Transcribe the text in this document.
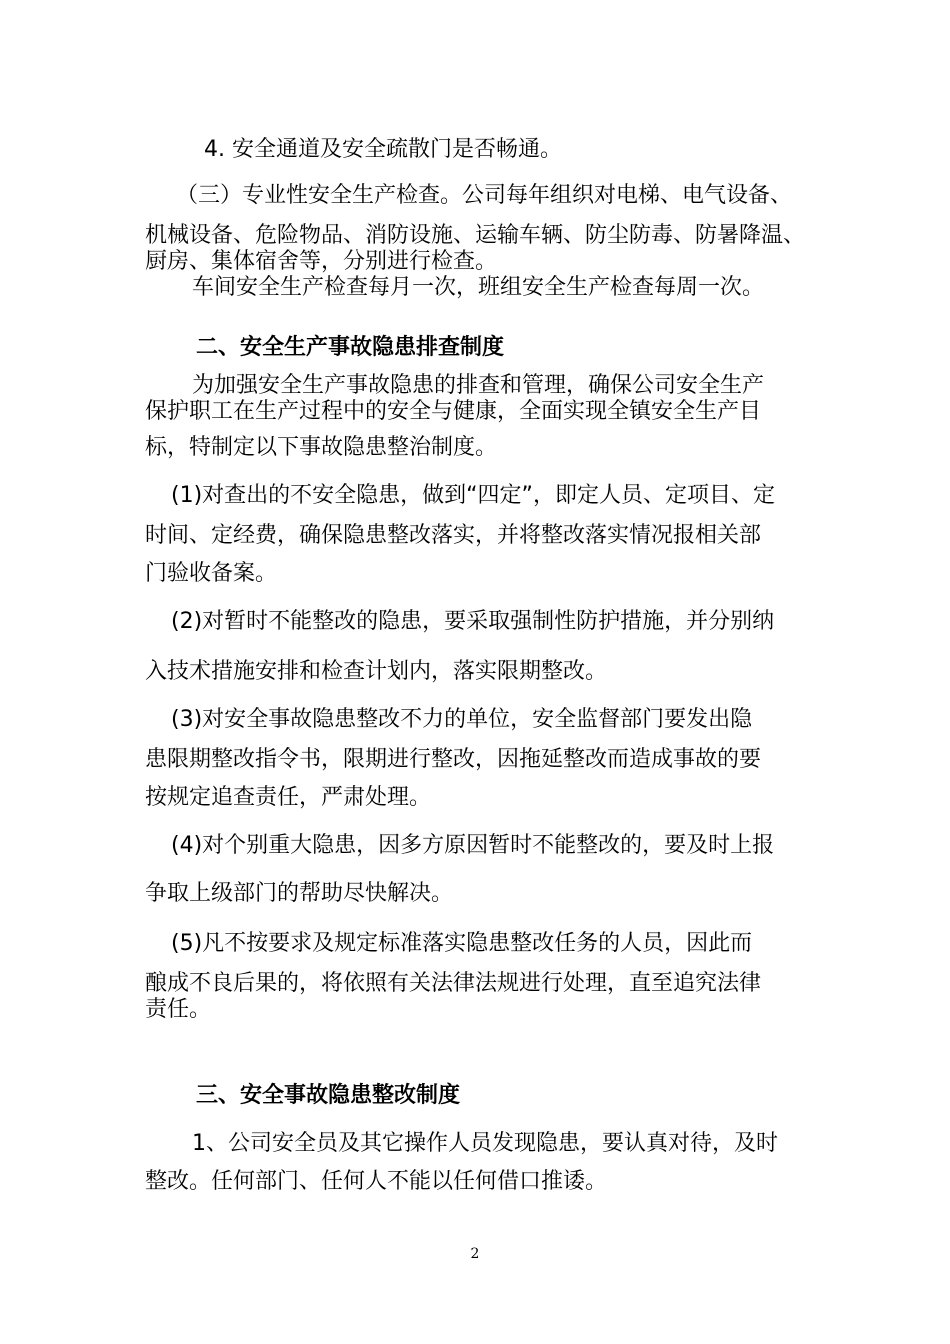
4. 安全通道及安全疏散门是否畅通。

（三）专业性安全生产检查。公司每年组织对电梯、电气设备、

机械设备、危险物品、消防设施、运输车辆、防尘防毒、防暑降温、

厨房、集体宿舍等，分别进行检查。

车间安全生产检查每月一次，班组安全生产检查每周一次。

二、安全生产事故隐患排查制度

为加强安全生产事故隐患的排查和管理，确保公司安全生产

保护职工在生产过程中的安全与健康，全面实现全镇安全生产目

标，特制定以下事故隐患整治制度。

(1)对查出的不安全隐患，做到“四定”，即定人员、定项目、定

时间、定经费，确保隐患整改落实，并将整改落实情况报相关部

门验收备案。

(2)对暂时不能整改的隐患，要采取强制性防护措施，并分别纳

入技术措施安排和检查计划内，落实限期整改。

(3)对安全事故隐患整改不力的单位，安全监督部门要发出隐

患限期整改指令书，限期进行整改，因拖延整改而造成事故的要

按规定追查责任，严肃处理。

(4)对个别重大隐患，因多方原因暂时不能整改的，要及时上报

争取上级部门的帮助尽快解决。

(5)凡不按要求及规定标准落实隐患整改任务的人员，因此而

酿成不良后果的，将依照有关法律法规进行处理，直至追究法律

责任。

三、安全事故隐患整改制度

1、公司安全员及其它操作人员发现隐患，要认真对待，及时

整改。任何部门、任何人不能以任何借口推诿。

2
